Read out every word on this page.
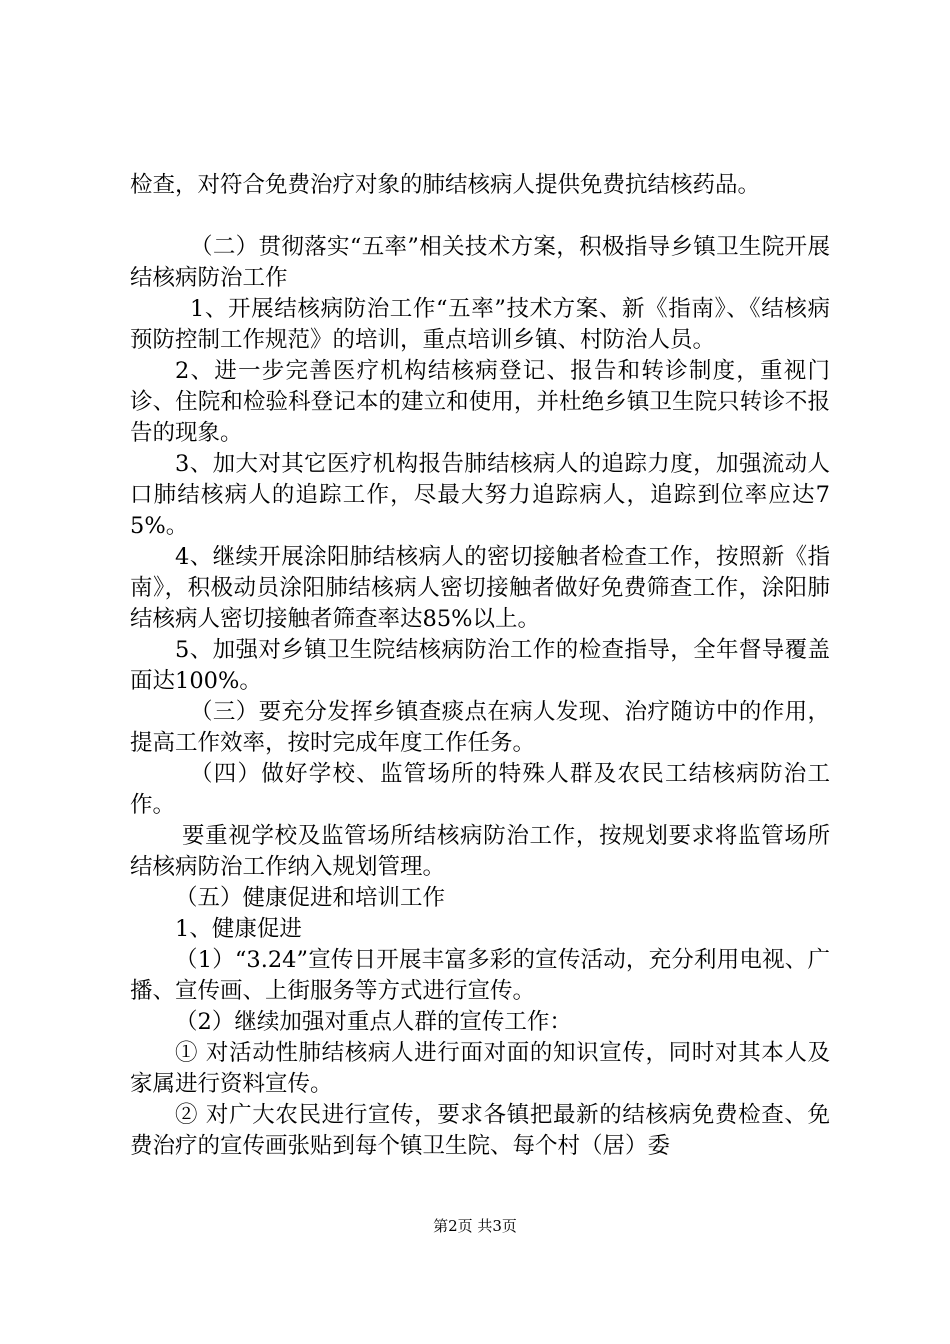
检查，对符合免费治疗对象的肺结核病人提供免费抗结核药品。

（二）贯彻落实“五率”相关技术方案，积极指导乡镇卫生院开展结核病防治工作

1、开展结核病防治工作“五率”技术方案、新《指南》、《结核病预防控制工作规范》的培训，重点培训乡镇、村防治人员。

2、进一步完善医疗机构结核病登记、报告和转诊制度，重视门诊、住院和检验科登记本的建立和使用，并杜绝乡镇卫生院只转诊不报告的现象。

3、加大对其它医疗机构报告肺结核病人的追踪力度，加强流动人口肺结核病人的追踪工作，尽最大努力追踪病人，追踪到位率应达75%。

4、继续开展涂阳肺结核病人的密切接触者检查工作，按照新《指南》，积极动员涂阳肺结核病人密切接触者做好免费筛查工作，涂阳肺结核病人密切接触者筛查率达85%以上。

5、加强对乡镇卫生院结核病防治工作的检查指导，全年督导覆盖面达100%。

（三）要充分发挥乡镇查痰点在病人发现、治疗随访中的作用，提高工作效率，按时完成年度工作任务。

（四）做好学校、监管场所的特殊人群及农民工结核病防治工作。

要重视学校及监管场所结核病防治工作，按规划要求将监管场所结核病防治工作纳入规划管理。

（五）健康促进和培训工作

1、健康促进

（1）“3.24”宣传日开展丰富多彩的宣传活动，充分利用电视、广播、宣传画、上街服务等方式进行宣传。

（2）继续加强对重点人群的宣传工作：

① 对活动性肺结核病人进行面对面的知识宣传，同时对其本人及家属进行资料宣传。

② 对广大农民进行宣传，要求各镇把最新的结核病免费检查、免费治疗的宣传画张贴到每个镇卫生院、每个村（居）委

第2页 共3页
